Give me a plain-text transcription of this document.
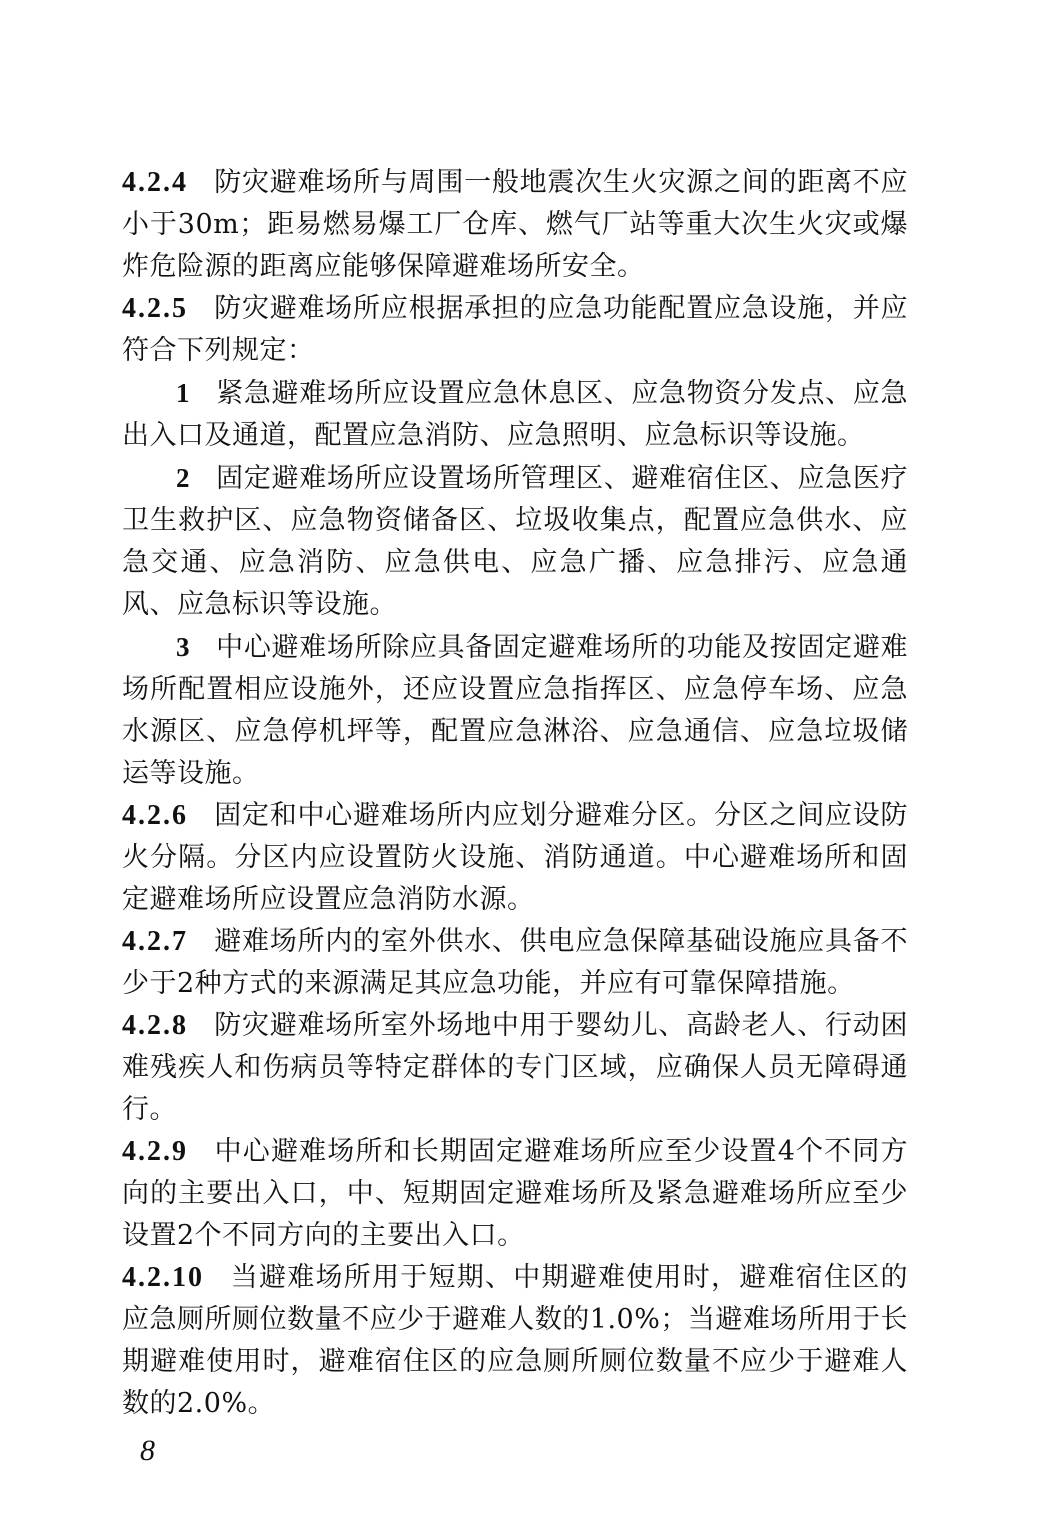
4.2.4 防灾避难场所与周围一般地震次生火灾源之间的距离不应小于30m；距易燃易爆工厂仓库、燃气厂站等重大次生火灾或爆炸危险源的距离应能够保障避难场所安全。

4.2.5 防灾避难场所应根据承担的应急功能配置应急设施，并应符合下列规定：

1 紧急避难场所应设置应急休息区、应急物资分发点、应急出入口及通道，配置应急消防、应急照明、应急标识等设施。

2 固定避难场所应设置场所管理区、避难宿住区、应急医疗卫生救护区、应急物资储备区、垃圾收集点，配置应急供水、应急交通、应急消防、应急供电、应急广播、应急排污、应急通风、应急标识等设施。

3 中心避难场所除应具备固定避难场所的功能及按固定避难场所配置相应设施外，还应设置应急指挥区、应急停车场、应急水源区、应急停机坪等，配置应急淋浴、应急通信、应急垃圾储运等设施。

4.2.6 固定和中心避难场所内应划分避难分区。分区之间应设防火分隔。分区内应设置防火设施、消防通道。中心避难场所和固定避难场所应设置应急消防水源。

4.2.7 避难场所内的室外供水、供电应急保障基础设施应具备不少于2种方式的来源满足其应急功能，并应有可靠保障措施。

4.2.8 防灾避难场所室外场地中用于婴幼儿、高龄老人、行动困难残疾人和伤病员等特定群体的专门区域，应确保人员无障碍通行。

4.2.9 中心避难场所和长期固定避难场所应至少设置4个不同方向的主要出入口，中、短期固定避难场所及紧急避难场所应至少设置2个不同方向的主要出入口。

4.2.10 当避难场所用于短期、中期避难使用时，避难宿住区的应急厕所厕位数量不应少于避难人数的1.0%；当避难场所用于长期避难使用时，避难宿住区的应急厕所厕位数量不应少于避难人数的2.0%。

8
